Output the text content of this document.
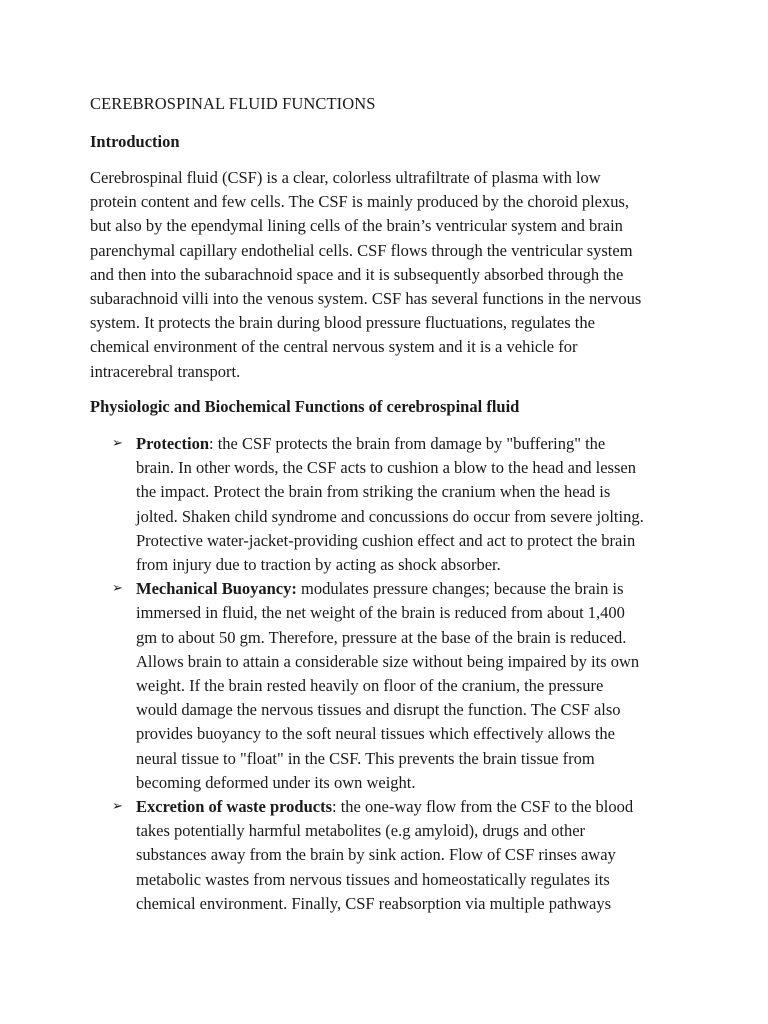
CEREBROSPINAL FLUID FUNCTIONS
Introduction

Cerebrospinal fluid (CSF) is a clear, colorless ultrafiltrate of plasma with low
protein content and few cells. The CSF is mainly produced by the choroid plexus,
but also by the ependymal lining cells of the brain’s ventricular system and brain
parenchymal capillary endothelial cells. CSF flows through the ventricular system
and then into the subarachnoid space and it is subsequently absorbed through the
subarachnoid villi into the venous system. CSF has several functions in the nervous
system. It protects the brain during blood pressure fluctuations, regulates the
chemical environment of the central nervous system and it is a vehicle for
intracerebral transport.

Physiologic and Biochemical Functions of cerebrospinal fluid
➢ Protection: the CSF protects the brain from damage by "buffering" the
brain. In other words, the CSF acts to cushion a blow to the head and lessen
the impact. Protect the brain from striking the cranium when the head is
jolted. Shaken child syndrome and concussions do occur from severe jolting.
Protective water-jacket-providing cushion effect and act to protect the brain
from injury due to traction by acting as shock absorber.
➢ Mechanical Buoyancy: modulates pressure changes; because the brain is
immersed in fluid, the net weight of the brain is reduced from about 1,400
gm to about 50 gm. Therefore, pressure at the base of the brain is reduced.
Allows brain to attain a considerable size without being impaired by its own
weight. If the brain rested heavily on floor of the cranium, the pressure
would damage the nervous tissues and disrupt the function. The CSF also
provides buoyancy to the soft neural tissues which effectively allows the
neural tissue to "float" in the CSF. This prevents the brain tissue from
becoming deformed under its own weight.
➢ Excretion of waste products: the one-way flow from the CSF to the blood
takes potentially harmful metabolites (e.g amyloid), drugs and other
substances away from the brain by sink action. Flow of CSF rinses away
metabolic wastes from nervous tissues and homeostatically regulates its
chemical environment. Finally, CSF reabsorption via multiple pathways
